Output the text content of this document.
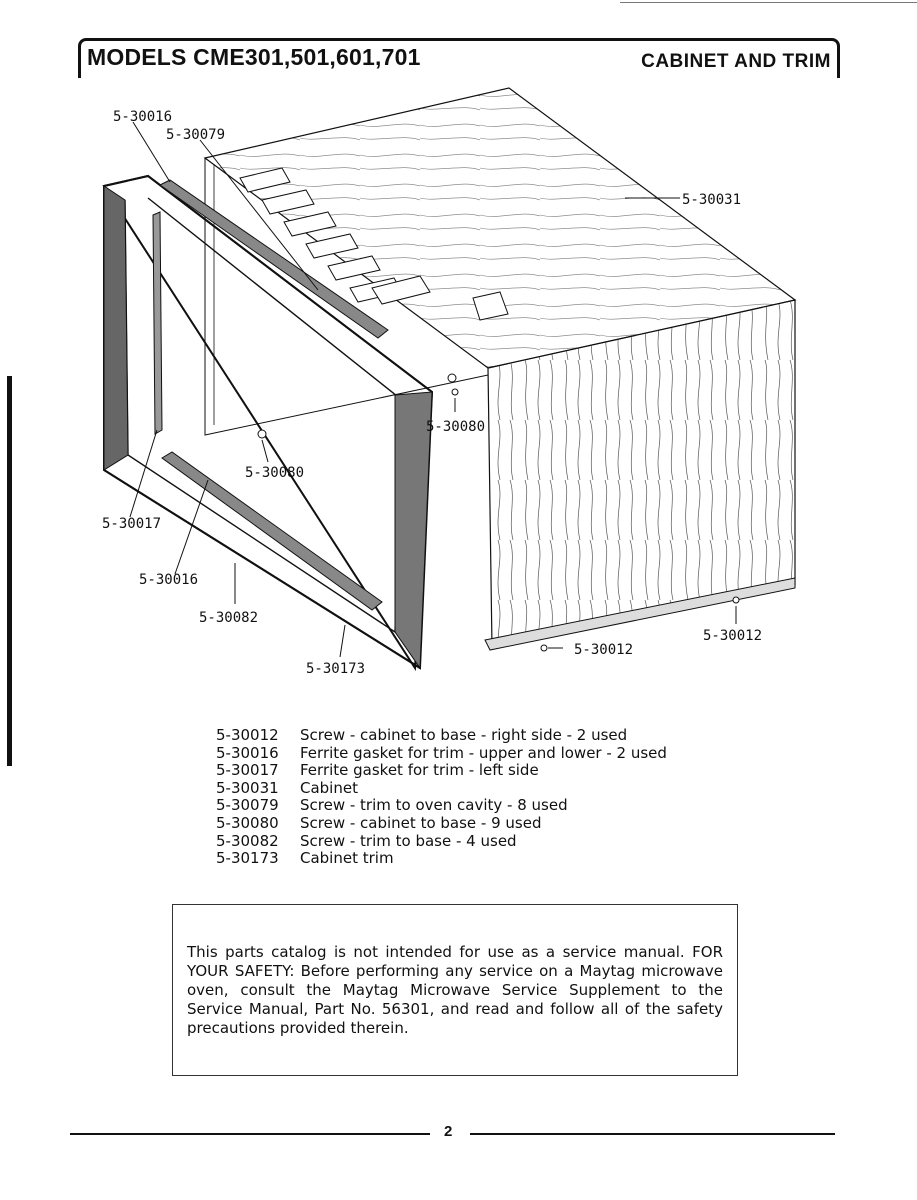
MODELS CME301,501,601,701	CABINET AND TRIM
5-30016
5-30079
5-30031
5-30080
5-30080
5-30017
5-30016
5-30082
5-30173
5-30012
5-30012
5-30012	Screw - cabinet to base - right side - 2 used
5-30016	Ferrite gasket for trim - upper and lower - 2 used
5-30017	Ferrite gasket for trim - left side
5-30031	Cabinet
5-30079	Screw - trim to oven cavity - 8 used
5-30080	Screw - cabinet to base - 9 used
5-30082	Screw - trim to base - 4 used
5-30173	Cabinet trim

This parts catalog is not intended for use as a service manual. FOR YOUR SAFETY: Before performing any service on a Maytag microwave oven, consult the Maytag Microwave Service Supplement to the Service Manual, Part No. 56301, and read and follow all of the safety precautions provided therein.

2
